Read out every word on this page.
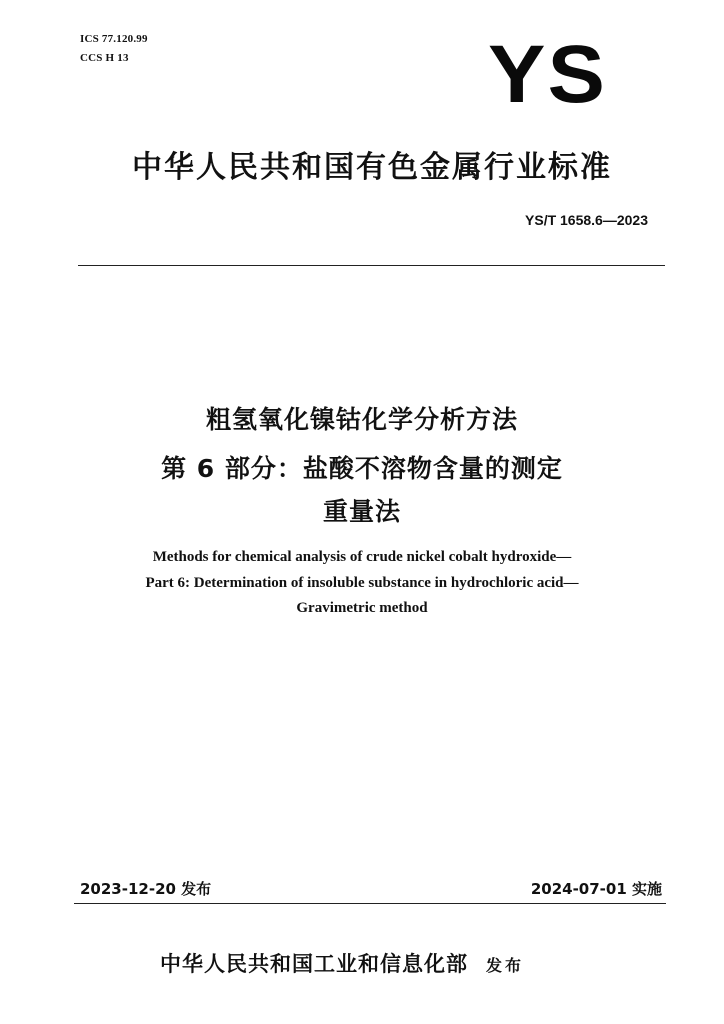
ICS 77.120.99
CCS H 13	YS
中华人民共和国有色金属行业标准
YS/T 1658.6—2023
粗氢氧化镍钴化学分析方法
第 6 部分：盐酸不溶物含量的测定
重量法
Methods for chemical analysis of crude nickel cobalt hydroxide—
Part 6: Determination of insoluble substance in hydrochloric acid—
Gravimetric method
2023-12-20 发布	2024-07-01 实施
中华人民共和国工业和信息化部 发布
